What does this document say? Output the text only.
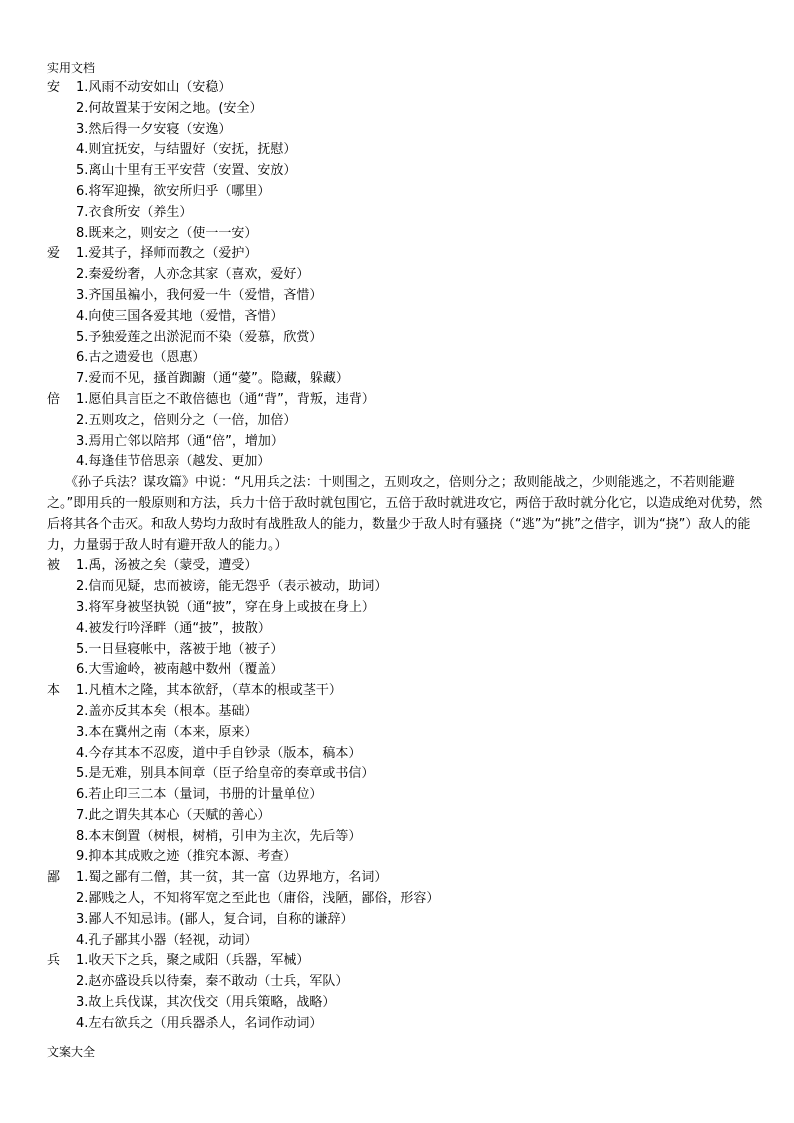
实用文档
安 1.风雨不动安如山（安稳）
2.何故置某于安闲之地。(安全）
3.然后得一夕安寝（安逸）
4.则宜抚安，与结盟好（安抚，抚慰）
5.离山十里有王平安营（安置、安放）
6.将军迎操，欲安所归乎（哪里）
7.衣食所安（养生）
8.既来之，则安之（使一一安）
爱 1.爱其子，择师而教之（爱护）
2.秦爱纷奢，人亦念其家（喜欢，爱好）
3.齐国虽褊小，我何爱一牛（爱惜，吝惜）
4.向使三国各爱其地（爱惜，吝惜）
5.予独爱莲之出淤泥而不染（爱慕，欣赏）
6.古之遗爱也（恩惠）
7.爱而不见，搔首踟躕（通“薆”。隐藏，躲藏）
倍 1.愿伯具言臣之不敢倍德也（通“背”，背叛，违背）
2.五则攻之，倍则分之（一倍，加倍）
3.焉用亡邻以陪邦（通“倍”，增加）
4.每逢佳节倍思亲（越发、更加）
《孙子兵法？谋攻篇》中说：“凡用兵之法：十则围之，五则攻之，倍则分之；敌则能战之，少则能逃之，不若则能避之。”即用兵的一般原则和方法，兵力十倍于敌时就包围它，五倍于敌时就进攻它，两倍于敌时就分化它，以造成绝对优势，然后将其各个击灭。和敌人势均力敌时有战胜敌人的能力，数量少于敌人时有骚挠（“逃”为“挑”之借字，训为“挠”）敌人的能力，力量弱于敌人时有避开敌人的能力。）
被 1.禹，汤被之矣（蒙受，遭受）
2.信而见疑，忠而被谤，能无怨乎（表示被动，助词）
3.将军身被坚执锐（通“披”，穿在身上或披在身上）
4.被发行吟泽畔（通“披”，披散）
5.一日昼寝帐中，落被于地（被子）
6.大雪逾岭，被南越中数州（覆盖）
本 1.凡植木之隆，其本欲舒，（草本的根或茎干）
2.盖亦反其本矣（根本。基础）
3.本在冀州之南（本来，原来）
4.今存其本不忍废，道中手自钞录（版本，稿本）
5.是无难，别具本间章（臣子给皇帝的奏章或书信）
6.若止印三二本（量词，书册的计量单位）
7.此之谓失其本心（天赋的善心）
8.本末倒置（树根，树梢，引申为主次，先后等）
9.抑本其成败之迹（推究本源、考查）
鄙 1.蜀之鄙有二僧，其一贫，其一富（边界地方，名词）
2.鄙贱之人，不知将军宽之至此也（庸俗，浅陋，鄙俗，形容）
3.鄙人不知忌讳。(鄙人，复合词，自称的谦辞）
4.孔子鄙其小器（轻视，动词）
兵 1.收天下之兵，聚之咸阳（兵器，军械）
2.赵亦盛设兵以待秦，秦不敢动（士兵，军队）
3.故上兵伐谋，其次伐交（用兵策略，战略）
4.左右欲兵之（用兵器杀人，名词作动词）
文案大全
